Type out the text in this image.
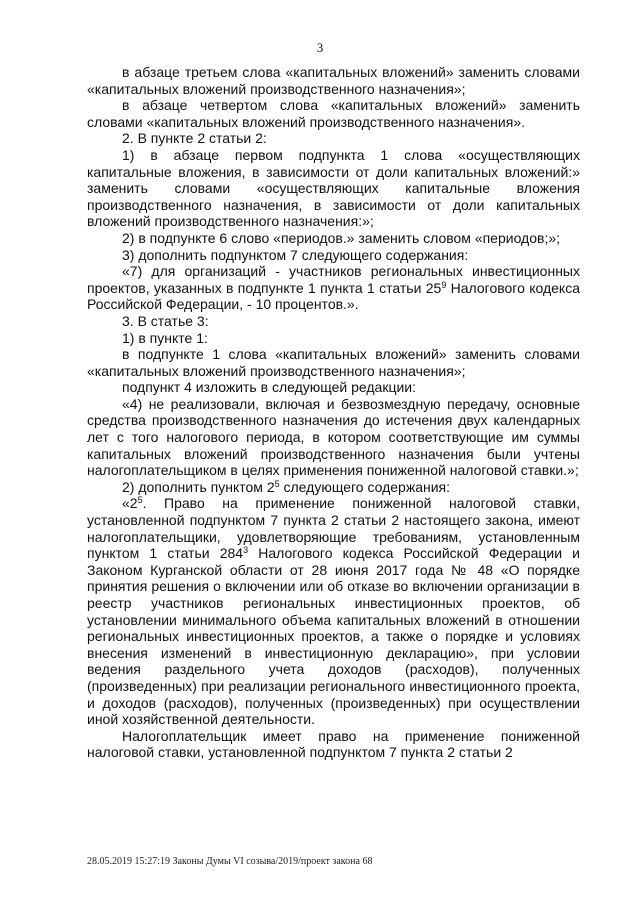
3

в абзаце третьем слова «капитальных вложений» заменить словами «капитальных вложений производственного назначения»;

в абзаце четвертом слова «капитальных вложений» заменить словами «капитальных вложений производственного назначения».

2. В пункте 2 статьи 2:

1) в абзаце первом подпункта 1 слова «осуществляющих капитальные вложения, в зависимости от доли капитальных вложений:» заменить словами «осуществляющих капитальные вложения производственного назначения, в зависимости от доли капитальных вложений производственного назначения:»;

2) в подпункте 6 слово «периодов.» заменить словом «периодов;»;

3) дополнить подпунктом 7 следующего содержания:

«7) для организаций - участников региональных инвестиционных проектов, указанных в подпункте 1 пункта 1 статьи $25^9$ Налогового кодекса Российской Федерации, - 10 процентов.».

3. В статье 3:

1) в пункте 1:

в подпункте 1 слова «капитальных вложений» заменить словами «капитальных вложений производственного назначения»;

подпункт 4 изложить в следующей редакции:

«4) не реализовали, включая и безвозмездную передачу, основные средства производственного назначения до истечения двух календарных лет с того налогового периода, в котором соответствующие им суммы капитальных вложений производственного назначения были учтены налогоплательщиком в целях применения пониженной налоговой ставки.»;

2) дополнить пунктом $2^5$ следующего содержания:

«$2^5$. Право на применение пониженной налоговой ставки, установленной подпунктом 7 пункта 2 статьи 2 настоящего закона, имеют налогоплательщики, удовлетворяющие требованиям, установленным пунктом 1 статьи $284^3$ Налогового кодекса Российской Федерации и Законом Курганской области от 28 июня 2017 года № 48 «О порядке принятия решения о включении или об отказе во включении организации в реестр участников региональных инвестиционных проектов, об установлении минимального объема капитальных вложений в отношении региональных инвестиционных проектов, а также о порядке и условиях внесения изменений в инвестиционную декларацию», при условии ведения раздельного учета доходов (расходов), полученных (произведенных) при реализации регионального инвестиционного проекта, и доходов (расходов), полученных (произведенных) при осуществлении иной хозяйственной деятельности.

Налогоплательщик имеет право на применение пониженной налоговой ставки, установленной подпунктом 7 пункта 2 статьи 2

28.05.2019 15:27:19 Законы Думы VI созыва/2019/проект закона 68
